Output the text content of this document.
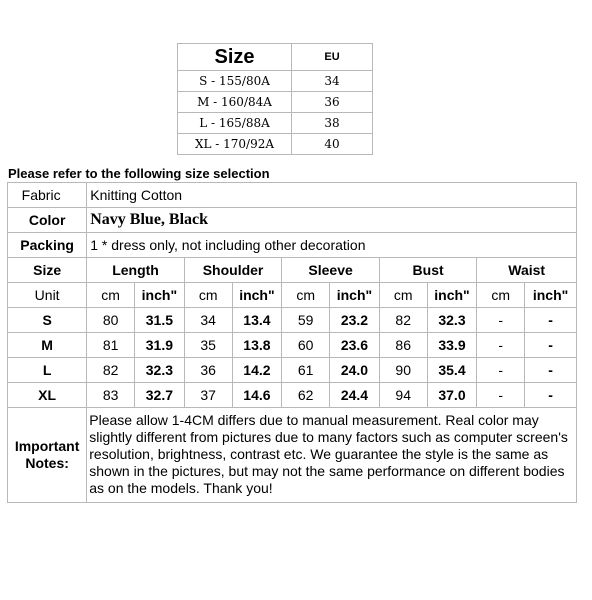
Size	EU
S - 155/80A	34
M - 160/84A	36
L - 165/88A	38
XL - 170/92A	40
Please refer to the following size selection
Fabric	Knitting Cotton									
Color	Navy Blue, Black									
Packing	1 * dress only, not including other decoration									
Size	Length		Shoulder		Sleeve		Bust		Waist	
Unit	cm	inch"	cm	inch"	cm	inch"	cm	inch"	cm	inch"
S	80	31.5	34	13.4	59	23.2	82	32.3	-	-
M	81	31.9	35	13.8	60	23.6	86	33.9	-	-
L	82	32.3	36	14.2	61	24.0	90	35.4	-	-
XL	83	32.7	37	14.6	62	24.4	94	37.0	-	-

Important
Notes:	Please allow 1-4CM differs due to manual measurement. Real color may slightly different from pictures due to many factors such as computer screen's resolution, brightness, contrast etc. We guarantee the style is the same as shown in the pictures, but may not the same performance on different bodies as on the models. Thank you!									
